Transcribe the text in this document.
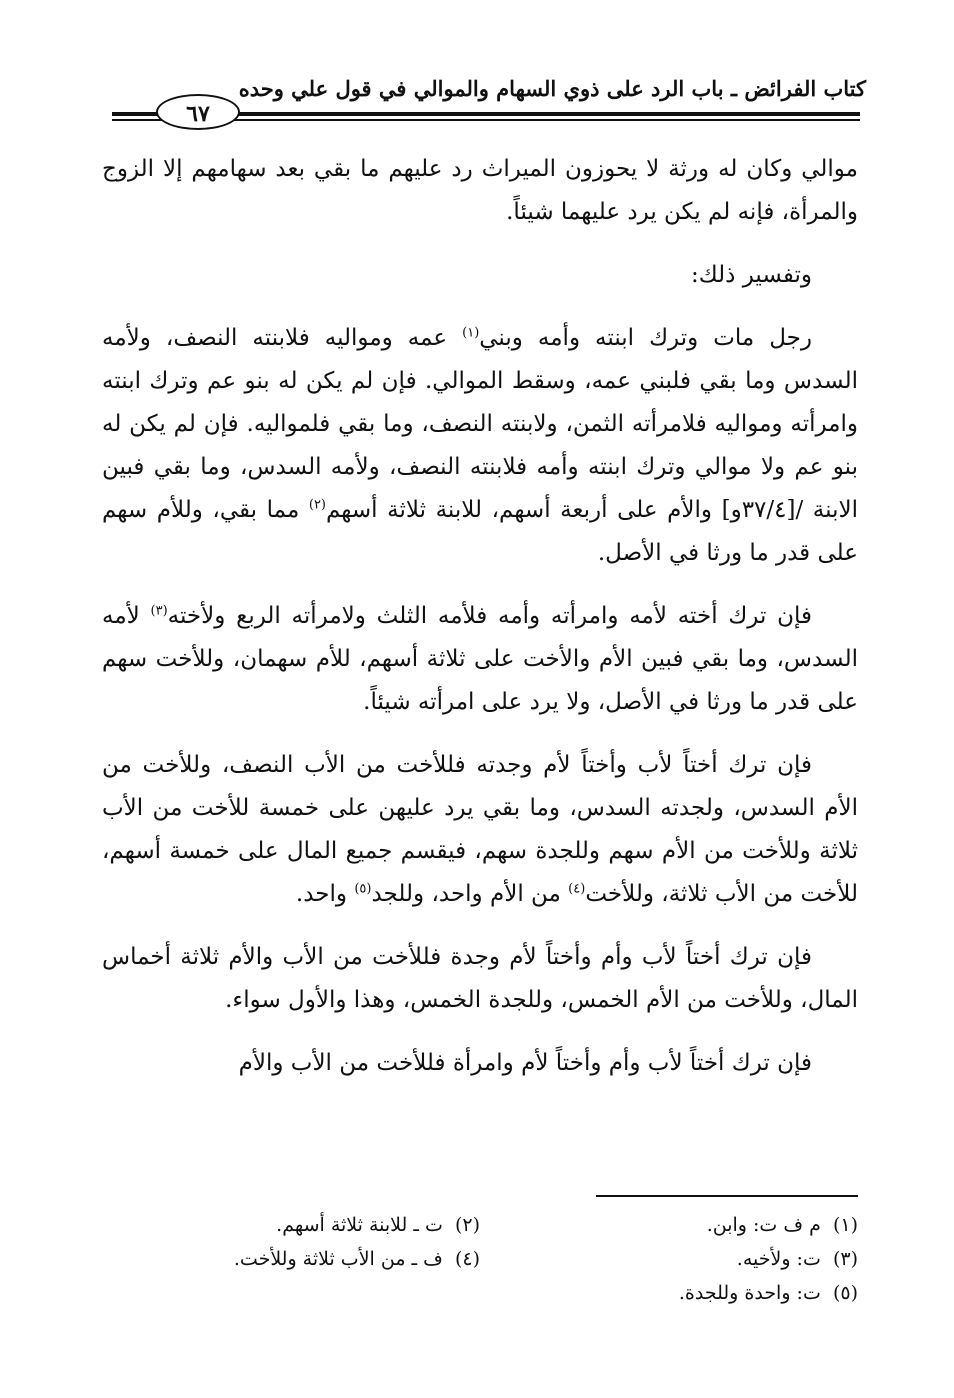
كتاب الفرائض ـ باب الرد على ذوي السهام والموالي في قول علي وحده
٦٧

موالي وكان له ورثة لا يحوزون الميراث رد عليهم ما بقي بعد سهامهم إلا الزوج والمرأة، فإنه لم يكن يرد عليهما شيئاً.

وتفسير ذلك:

رجل مات وترك ابنته وأمه وبني$^{(١)}$ عمه ومواليه فلابنته النصف، ولأمه السدس وما بقي فلبني عمه، وسقط الموالي. فإن لم يكن له بنو عم وترك ابنته وامرأته ومواليه فلامرأته الثمن، ولابنته النصف، وما بقي فلمواليه. فإن لم يكن له بنو عم ولا موالي وترك ابنته وأمه فلابنته النصف، ولأمه السدس، وما بقي فبين الابنة /[٣٧/٤و] والأم على أربعة أسهم، للابنة ثلاثة أسهم$^{(٢)}$ مما بقي، وللأم سهم على قدر ما ورثا في الأصل.

فإن ترك أخته لأمه وامرأته وأمه فلأمه الثلث ولامرأته الربع ولأخته$^{(٣)}$ لأمه السدس، وما بقي فبين الأم والأخت على ثلاثة أسهم، للأم سهمان، وللأخت سهم على قدر ما ورثا في الأصل، ولا يرد على امرأته شيئاً.

فإن ترك أختاً لأب وأختاً لأم وجدته فللأخت من الأب النصف، وللأخت من الأم السدس، ولجدته السدس، وما بقي يرد عليهن على خمسة للأخت من الأب ثلاثة وللأخت من الأم سهم وللجدة سهم، فيقسم جميع المال على خمسة أسهم، للأخت من الأب ثلاثة، وللأخت$^{(٤)}$ من الأم واحد، وللجد$^{(٥)}$ واحد.

فإن ترك أختاً لأب وأم وأختاً لأم وجدة فللأخت من الأب والأم ثلاثة أخماس المال، وللأخت من الأم الخمس، وللجدة الخمس، وهذا والأول سواء.

فإن ترك أختاً لأب وأم وأختاً لأم وامرأة فللأخت من الأب والأم

(١)  م ف ت: وابن.
(٢)  ت ـ للابنة ثلاثة أسهم.
(٣)  ت: ولأخيه.
(٤)  ف ـ من الأب ثلاثة وللأخت.
(٥)  ت: واحدة وللجدة.
